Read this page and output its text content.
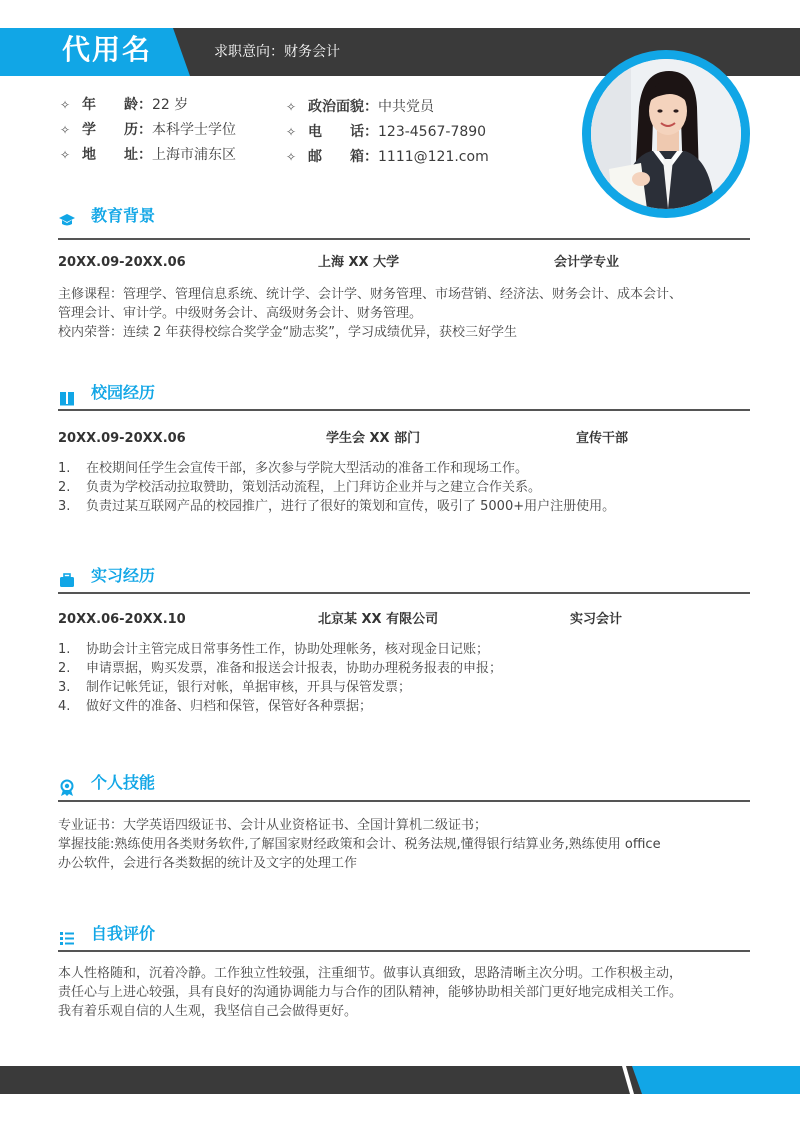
代用名	求职意向：财务会计
✧ 年　　龄：22 岁
✧ 学　　历：本科学士学位
✧ 地　　址：上海市浦东区
✧ 政治面貌：中共党员
✧ 电　　话：123-4567-7890
✧ 邮　　箱：1111@121.com
教育背景
20XX.09-20XX.06	上海 XX 大学	会计学专业
主修课程：管理学、管理信息系统、统计学、会计学、财务管理、市场营销、经济法、财务会计、成本会计、
管理会计、审计学。中级财务会计、高级财务会计、财务管理。
校内荣誉：连续 2 年获得校综合奖学金“励志奖”，学习成绩优异，获校三好学生
校园经历
20XX.09-20XX.06	学生会 XX 部门	宣传干部
1. 在校期间任学生会宣传干部，多次参与学院大型活动的准备工作和现场工作。
2. 负责为学校活动拉取赞助，策划活动流程，上门拜访企业并与之建立合作关系。
3. 负责过某互联网产品的校园推广，进行了很好的策划和宣传，吸引了 5000+用户注册使用。
实习经历
20XX.06-20XX.10	北京某 XX 有限公司	实习会计
1. 协助会计主管完成日常事务性工作，协助处理帐务，核对现金日记账；
2. 申请票据，购买发票，准备和报送会计报表，协助办理税务报表的申报；
3. 制作记帐凭证，银行对帐，单据审核，开具与保管发票；
4. 做好文件的准备、归档和保管，保管好各种票据；
个人技能
专业证书：大学英语四级证书、会计从业资格证书、全国计算机二级证书；
掌握技能:熟练使用各类财务软件,了解国家财经政策和会计、税务法规,懂得银行结算业务,熟练使用 office
办公软件，会进行各类数据的统计及文字的处理工作
自我评价
本人性格随和，沉着冷静。工作独立性较强，注重细节。做事认真细致，思路清晰主次分明。工作积极主动，
责任心与上进心较强，具有良好的沟通协调能力与合作的团队精神，能够协助相关部门更好地完成相关工作。
我有着乐观自信的人生观，我坚信自己会做得更好。
